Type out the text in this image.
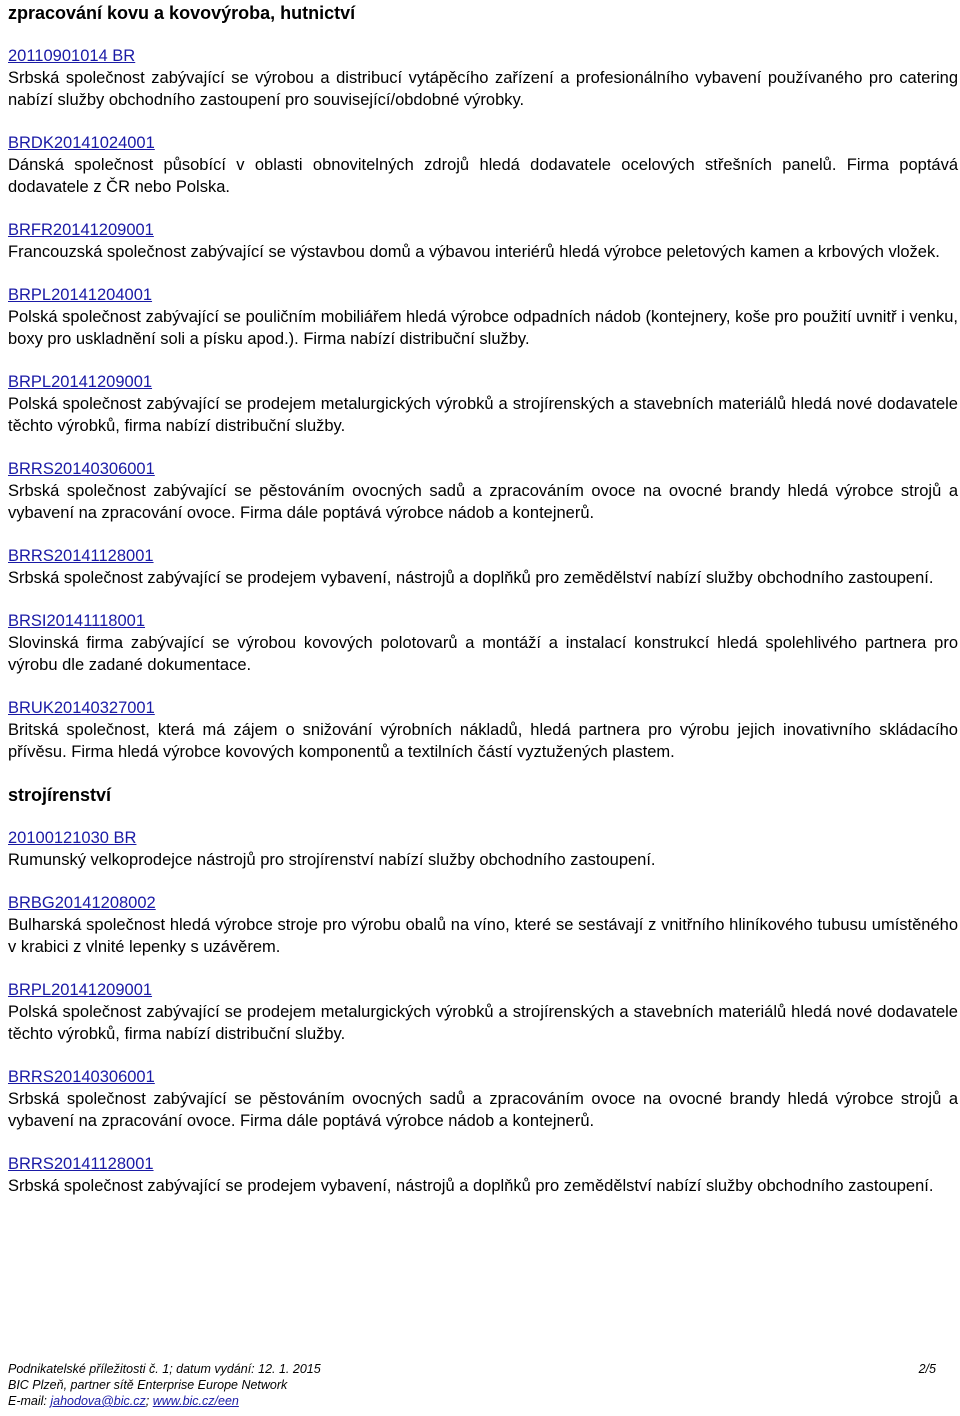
zpracování kovu a kovovýroba, hutnictví
20110901014 BR

Srbská společnost zabývající se výrobou a distribucí vytápěcího zařízení a profesionálního vybavení používaného pro catering nabízí služby obchodního zastoupení pro související/obdobné výrobky.

BRDK20141024001

Dánská společnost působící v oblasti obnovitelných zdrojů hledá dodavatele ocelových střešních panelů. Firma poptává dodavatele z ČR nebo Polska.

BRFR20141209001

Francouzská společnost zabývající se výstavbou domů a výbavou interiérů hledá výrobce peletových kamen a krbových vložek.

BRPL20141204001

Polská společnost zabývající se pouličním mobiliářem hledá výrobce odpadních nádob (kontejnery, koše pro použití uvnitř i venku, boxy pro uskladnění soli a písku apod.). Firma nabízí distribuční služby.

BRPL20141209001

Polská společnost zabývající se prodejem metalurgických výrobků a strojírenských a stavebních materiálů hledá nové dodavatele těchto výrobků, firma nabízí distribuční služby.

BRRS20140306001

Srbská společnost zabývající se pěstováním ovocných sadů a zpracováním ovoce na ovocné brandy hledá výrobce strojů a vybavení na zpracování ovoce. Firma dále poptává výrobce nádob a kontejnerů.

BRRS20141128001

Srbská společnost zabývající se prodejem vybavení, nástrojů a doplňků pro zemědělství nabízí služby obchodního zastoupení.

BRSI20141118001

Slovinská firma zabývající se výrobou kovových polotovarů a montáží a instalací konstrukcí hledá spolehlivého partnera pro výrobu dle zadané dokumentace.

BRUK20140327001

Britská společnost, která má zájem o snižování výrobních nákladů, hledá partnera pro výrobu jejich inovativního skládacího přívěsu. Firma hledá výrobce kovových komponentů a textilních částí vyztužených plastem.

strojírenství
20100121030 BR

Rumunský velkoprodejce nástrojů pro strojírenství nabízí služby obchodního zastoupení.

BRBG20141208002

Bulharská společnost hledá výrobce stroje pro výrobu obalů na víno, které se sestávají z vnitřního hliníkového tubusu umístěného v krabici z vlnité lepenky s uzávěrem.

BRPL20141209001

Polská společnost zabývající se prodejem metalurgických výrobků a strojírenských a stavebních materiálů hledá nové dodavatele těchto výrobků, firma nabízí distribuční služby.

BRRS20140306001

Srbská společnost zabývající se pěstováním ovocných sadů a zpracováním ovoce na ovocné brandy hledá výrobce strojů a vybavení na zpracování ovoce. Firma dále poptává výrobce nádob a kontejnerů.

BRRS20141128001

Srbská společnost zabývající se prodejem vybavení, nástrojů a doplňků pro zemědělství nabízí služby obchodního zastoupení.

Podnikatelské příležitosti č. 1; datum vydání: 12. 1. 2015	2/5
BIC Plzeň, partner sítě Enterprise Europe Network
E-mail: jahodova@bic.cz; www.bic.cz/een
